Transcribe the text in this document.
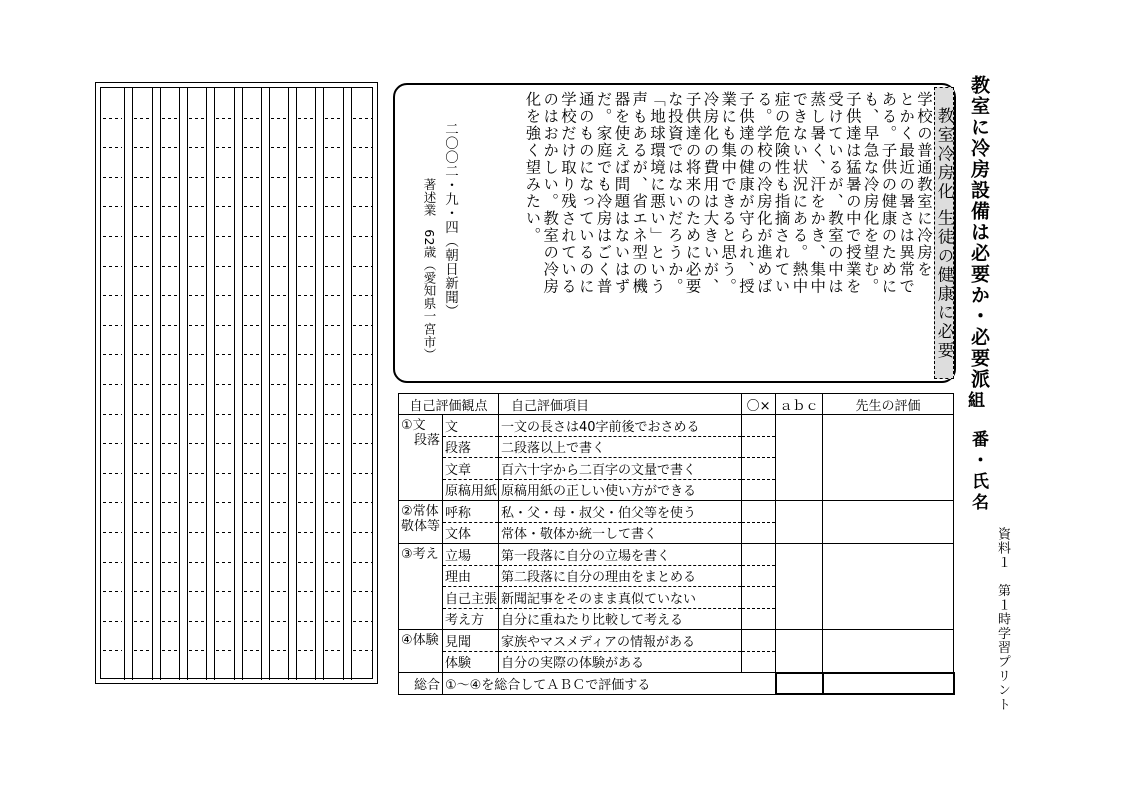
学校の普通教室に冷房を
とかく最近の暑さは異常で
ある。子供の健康のために
も、早急な冷房化を望む。
子供達は猛暑の中で授業を
受けているが、教室の中は
蒸し暑く、汗をかき、集中
できない状況にある。熱中
症の危険性も指摘されてい
る。学校の冷房化が進めば
子供達の健康が守られ、授
業にも集中できると思う。
冷房化の費用は大きいが、
子供達の将来のために必要
な投資ではないだろうか。
「地球環境に悪い」という
声もあるが、省エネ型の機
器を使えば問題はないはず
だ。家庭でも冷房はごく普
通のものになっているのに
学校だけ取り残されている
のはおかしい。教室の冷房
化を強く望みたい。	教室冷房化 生徒の健康に必要
二〇〇二・九・四（朝日新聞）
著述業　62歳（愛知県一宮市）	教室に冷房設備は必要か・必要派
組
番・氏名
資料１　第１時学習プリント
自己評価観点		自己評価項目	〇×	ａｂｃ	先生の評価

①文
段落	文	一文の長さは40字前後でおさめる			
	段落	二段落以上で書く			
	文章	百六十字から二百字の文量で書く			
	原稿用紙	原稿用紙の正しい使い方ができる			

②常体
敬体等	呼称	私・父・母・叔父・伯父等を使う			
	文体	常体・敬体か統一して書く			

③考え	立場	第一段落に自分の立場を書く			
	理由	第二段落に自分の理由をまとめる			
	自己主張	新聞記事をそのまま真似ていない			
	考え方	自分に重ねたり比較して考える			

④体験	見聞	家族やマスメディアの情報がある			
	体験	自分の実際の体験がある			
総合	①～④を総合してＡＢＣで評価する				
